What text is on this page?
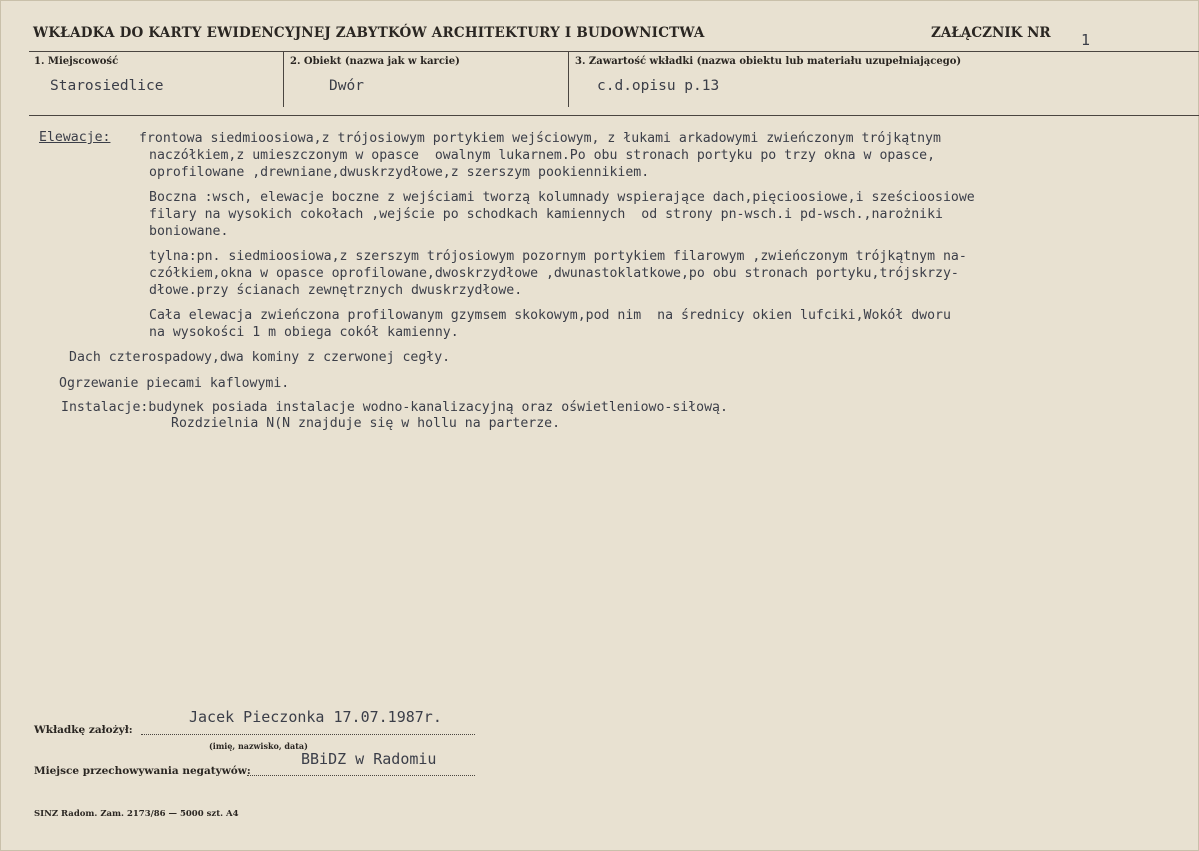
WKŁADKA DO KARTY EWIDENCYJNEJ ZABYTKÓW ARCHITEKTURY I BUDOWNICTWA	ZAŁĄCZNIK NR 1
1. Miejscowość
Starosiedlice
2. Obiekt (nazwa jak w karcie)
Dwór
3. Zawartość wkładki (nazwa obiektu lub materiału uzupełniającego)
c.d.opisu p.13
Elewacje: frontowa siedmioosiowa,z trójosiowym portykiem wejściowym, z łukami arkadowymi zwieńczonym trójkątnym
naczółkiem,z umieszczonym w opasce  owalnym lukarnem.Po obu stronach portyku po trzy okna w opasce,
oprofilowane ,drewniane,dwuskrzydłowe,z szerszym pookiennikiem.
Boczna :wsch, elewacje boczne z wejściami tworzą kolumnady wspierające dach,pięcioosiowe,i sześcioosiowe
filary na wysokich cokołach ,wejście po schodkach kamiennych  od strony pn-wsch.i pd-wsch.,narożniki
boniowane.
tylna:pn. siedmioosiowa,z szerszym trójosiowym pozornym portykiem filarowym ,zwieńczonym trójkątnym na-
czółkiem,okna w opasce oprofilowane,dwoskrzydłowe ,dwunastoklatkowe,po obu stronach portyku,trójskrzy-
dłowe.przy ścianach zewnętrznych dwuskrzydłowe.
Cała elewacja zwieńczona profilowanym gzymsem skokowym,pod nim  na średnicy okien lufciki,Wokół dworu
na wysokości 1 m obiega cokół kamienny.
Dach czterospadowy,dwa kominy z czerwonej cegły.
Ogrzewanie piecami kaflowymi.
Instalacje:budynek posiada instalacje wodno-kanalizacyjną oraz oświetleniowo-siłową.
Rozdzielnia N(N znajduje się w hollu na parterze.
Jacek Pieczonka 17.07.1987r.
Wkładkę założył:
(imię, nazwisko, data)
BBiDZ w Radomiu
Miejsce przechowywania negatywów:
SINZ Radom. Zam. 2173/86 — 5000 szt. A4
